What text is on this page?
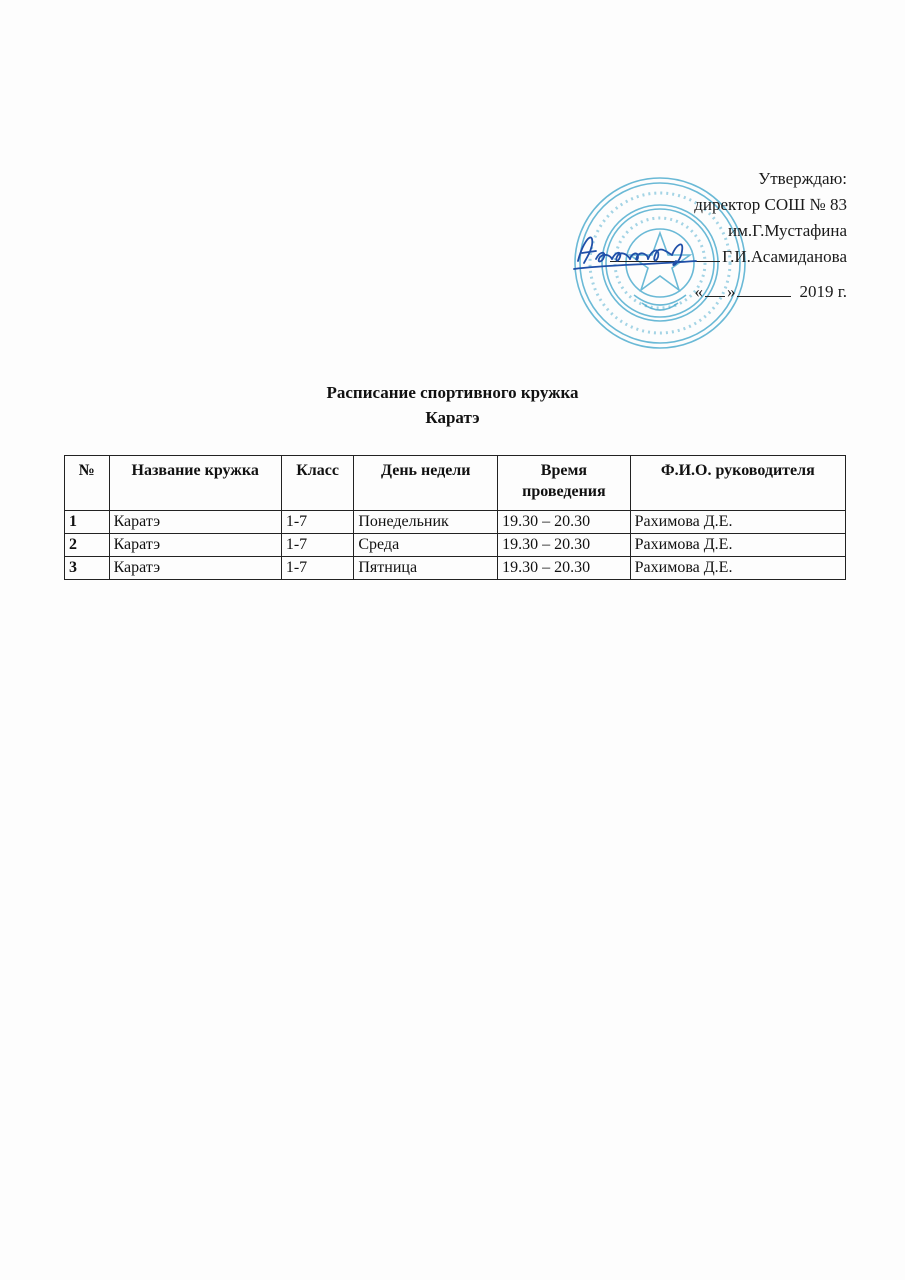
Утверждаю:
директор СОШ № 83
им.Г.Мустафина
Г.И.Асамиданова
« »	2019 г.
Расписание спортивного кружка
Каратэ
№	Название кружка	Класс	День недели	Время проведения	Ф.И.О. руководителя
1	Каратэ	1-7	Понедельник	19.30 – 20.30	Рахимова Д.Е.
2	Каратэ	1-7	Среда	19.30 – 20.30	Рахимова Д.Е.
3	Каратэ	1-7	Пятница	19.30 – 20.30	Рахимова Д.Е.
